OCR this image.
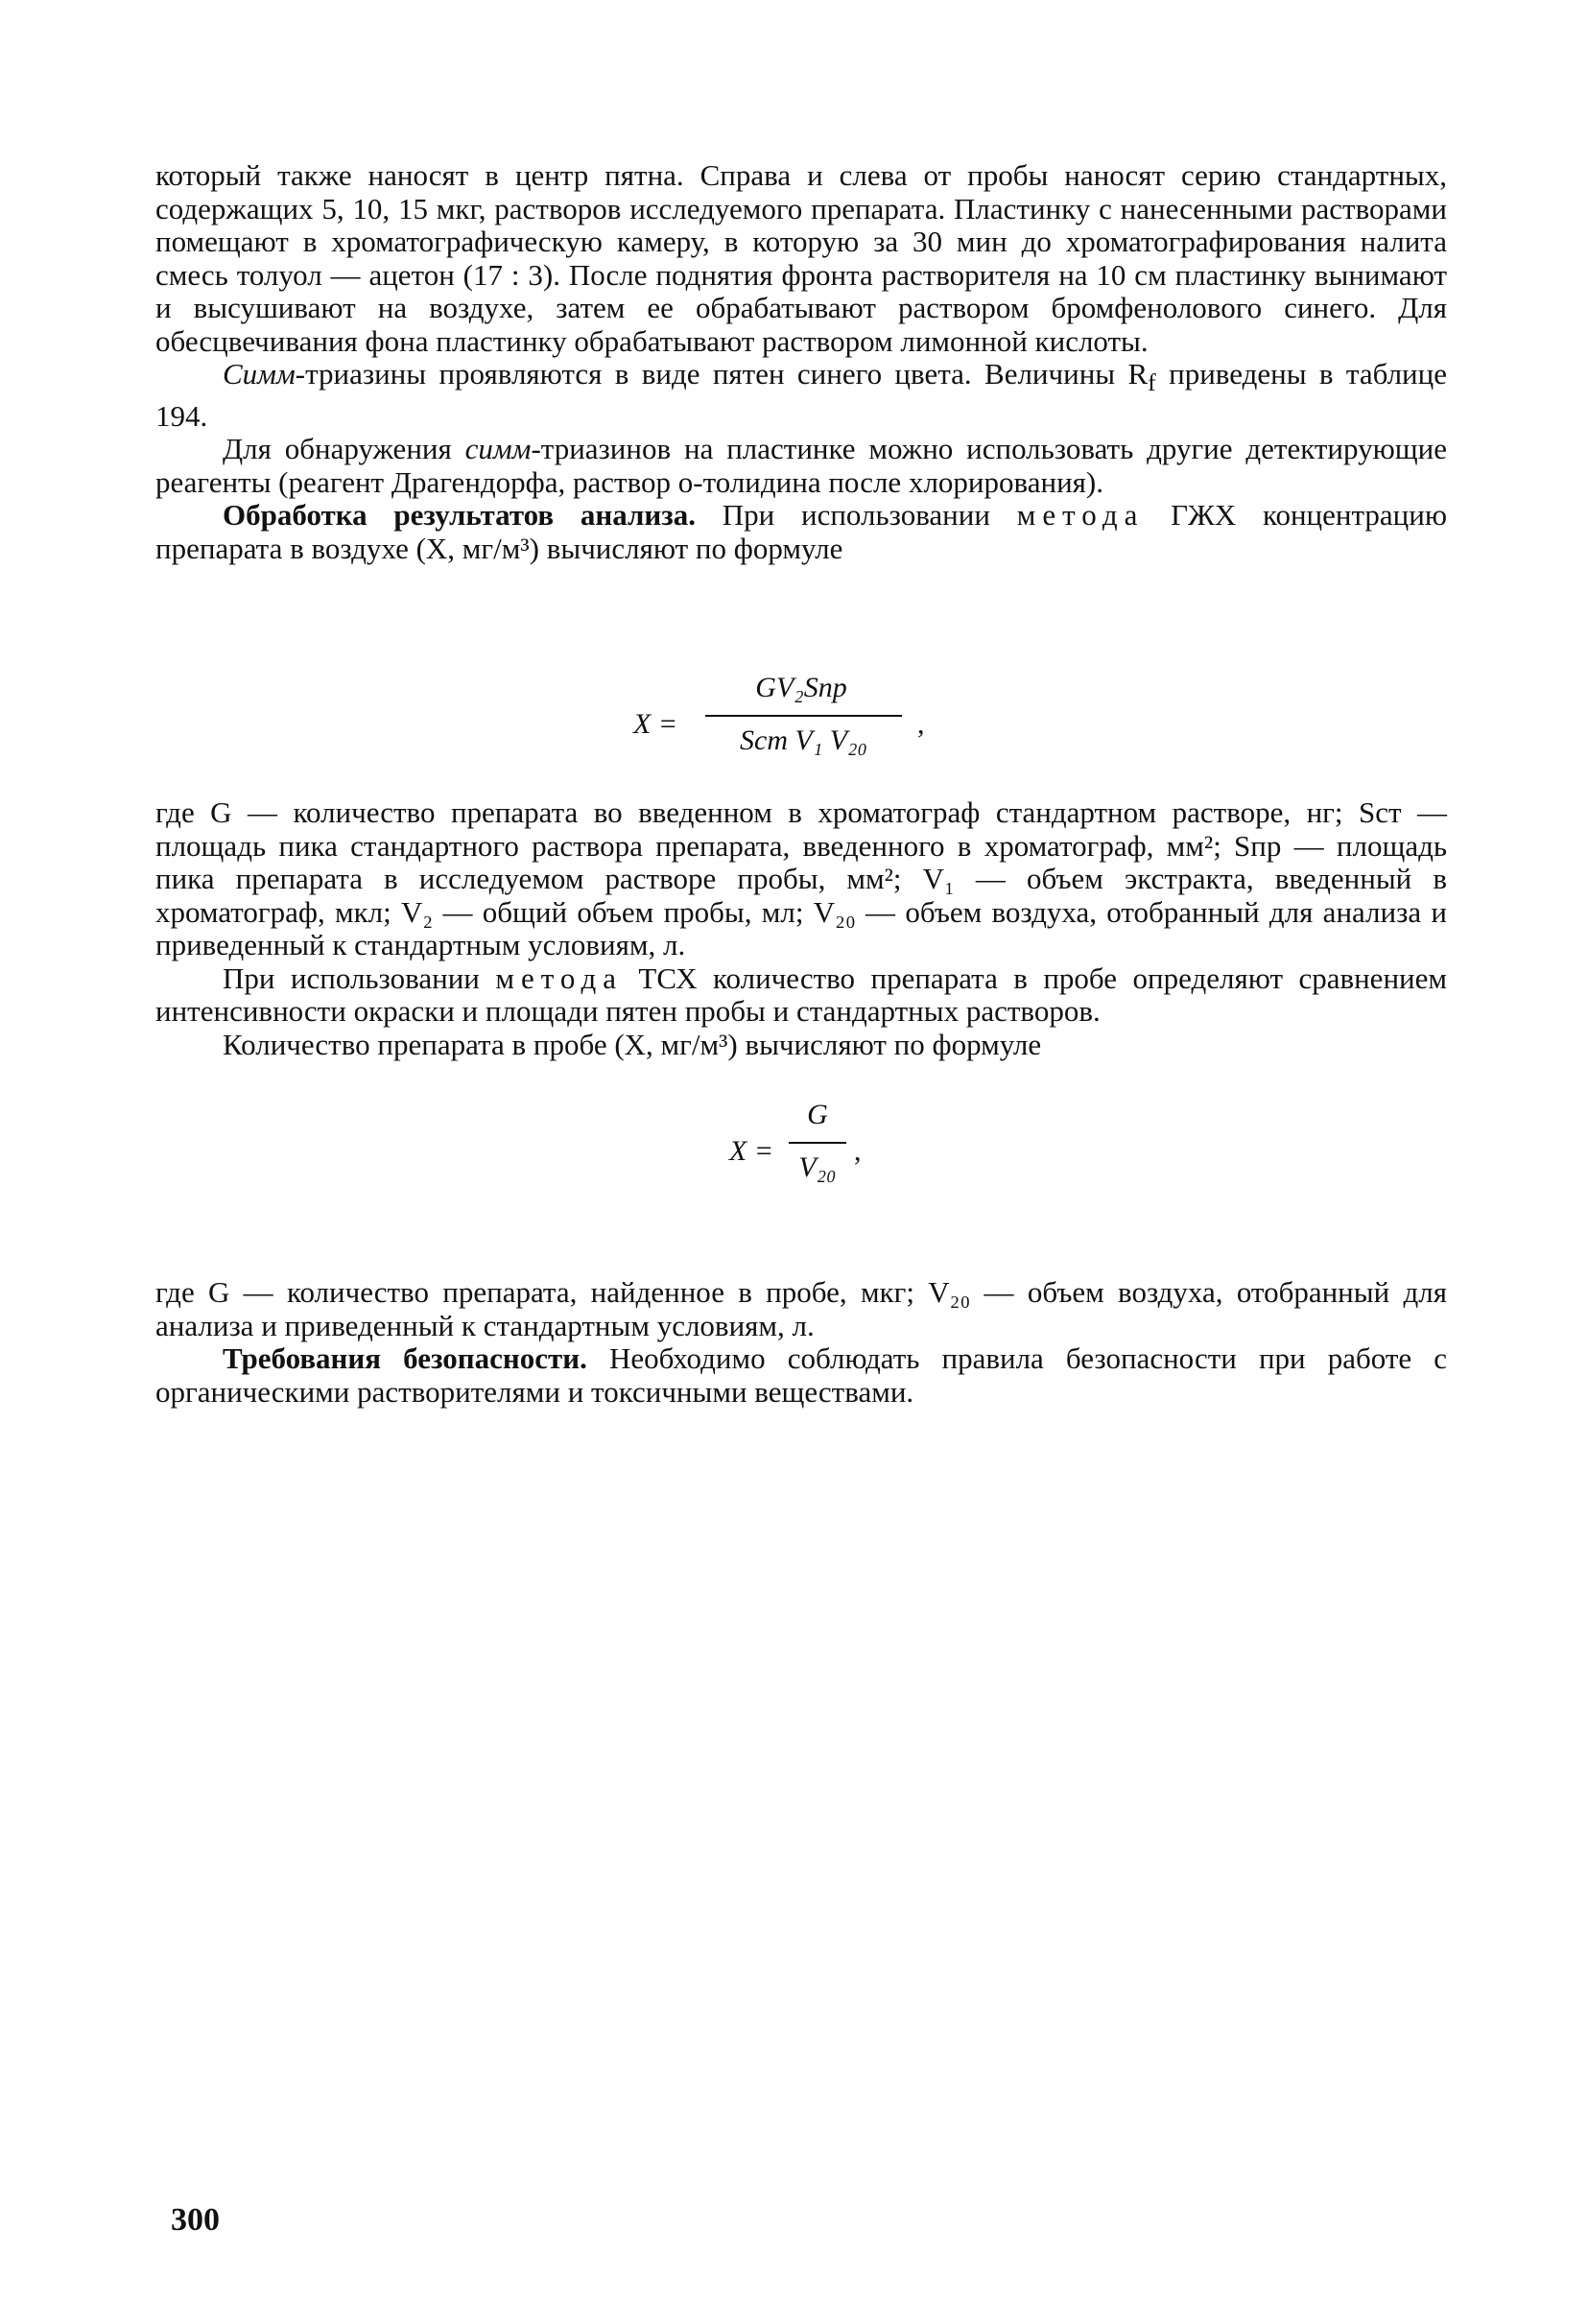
который также наносят в центр пятна. Справа и слева от пробы наносят серию стандартных, содержащих 5, 10, 15 мкг, растворов исследуемого препарата. Пластинку с нанесенными растворами помещают в хроматографическую камеру, в которую за 30 мин до хроматографирования налита смесь толуол — ацетон (17 : 3). После поднятия фронта растворителя на 10 см пластинку вынимают и высушивают на воздухе, затем ее обрабатывают раствором бромфенолового синего. Для обесцвечивания фона пластинку обрабатывают раствором лимонной кислоты.

Симм-триазины проявляются в виде пятен синего цвета. Величины $R_f$ приведены в таблице 194.

Для обнаружения симм-триазинов на пластинке можно использовать другие детектирующие реагенты (реагент Драгендорфа, раствор о-толидина после хлорирования).

Обработка результатов анализа. При использовании метода ГЖХ концентрацию препарата в воздухе (X, мг/м³) вычисляют по формуле

X =
GV₂Sпр
Sст V₁ V₂₀
,

где G — количество препарата во введенном в хроматограф стандартном растворе, нг; Sст — площадь пика стандартного раствора препарата, введенного в хроматограф, мм²; Sпр — площадь пика препарата в исследуемом растворе пробы, мм²; V₁ — объем экстракта, введенный в хроматограф, мкл; V₂ — общий объем пробы, мл; V₂₀ — объем воздуха, отобранный для анализа и приведенный к стандартным условиям, л.

При использовании метода ТСХ количество препарата в пробе определяют сравнением интенсивности окраски и площади пятен пробы и стандартных растворов.

Количество препарата в пробе (X, мг/м³) вычисляют по формуле

X =
G
V₂₀
,

где G — количество препарата, найденное в пробе, мкг; V₂₀ — объем воздуха, отобранный для анализа и приведенный к стандартным условиям, л.

Требования безопасности. Необходимо соблюдать правила безопасности при работе с органическими растворителями и токсичными веществами.

300
